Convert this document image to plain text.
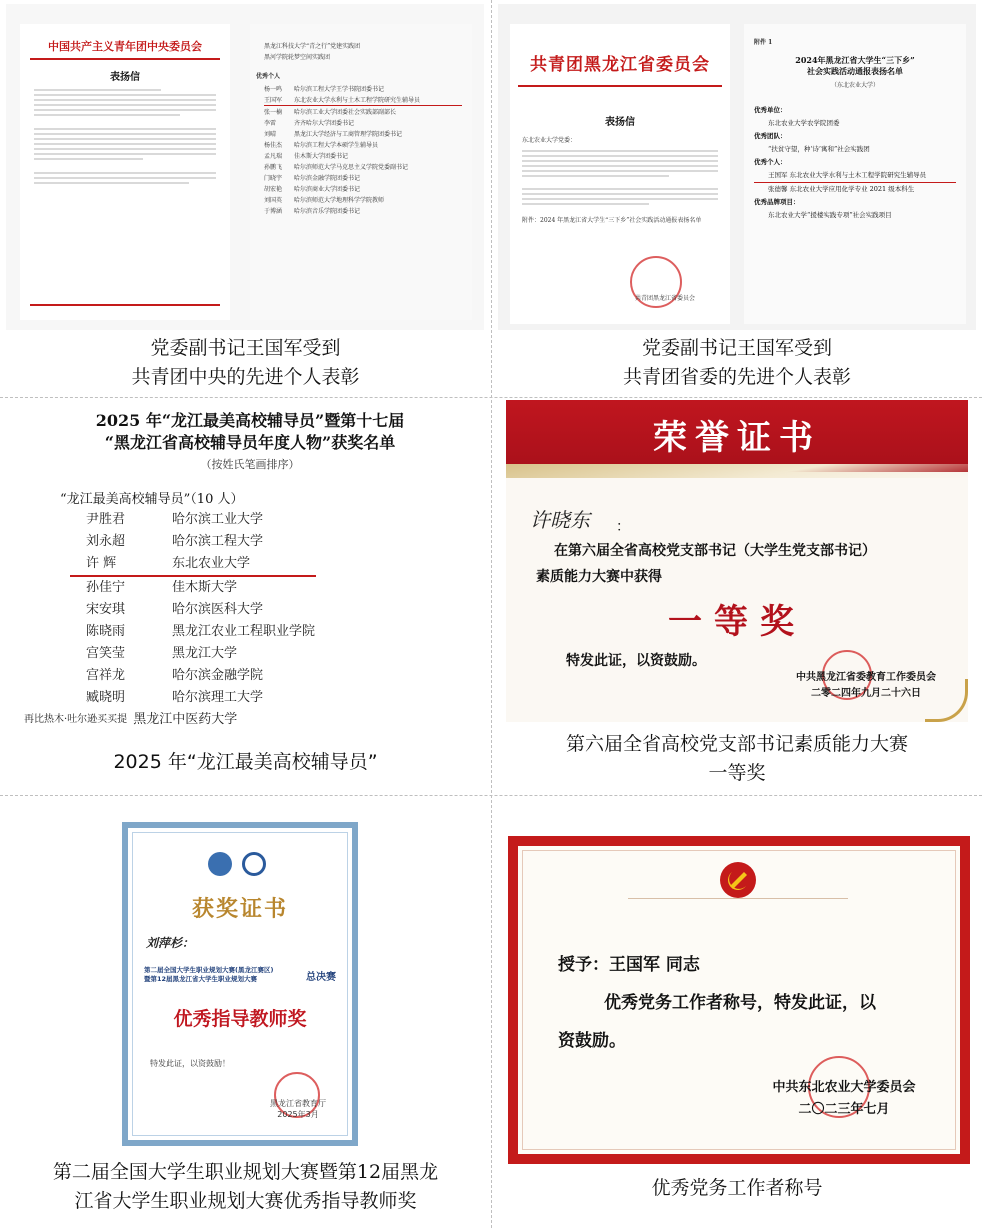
中国共产主义青年团中央委员会
表扬信
黑龙江科技大学“青之行”党建实践团
黑河学院轮梦空间实践团
优秀个人
杨一鸣	哈尔滨工程大学王学书院团委书记
王国军	东北农业大学水利与土木工程学院研究生辅导员
张一楠	哈尔滨工业大学团委社会实践部副部长
李雷	齐齐哈尔大学团委书记
刘晴	黑龙江大学经济与工商管理学院团委书记
杨佳杰	哈尔滨工程大学本硕学生辅导员
孟凡瑞	佳木斯大学团委书记
孙鹏飞	哈尔滨师范大学马克思主义学院党委副书记
门晓宇	哈尔滨金融学院团委书记
胡宏艳	哈尔滨商业大学团委书记
刘国英	哈尔滨师范大学地理科学学院教师
于博涵	哈尔滨音乐学院团委书记
党委副书记王国军受到
共青团中央的先进个人表彰
共青团黑龙江省委员会
表扬信
东北农业大学党委：
附件：2024 年黑龙江省大学生“三下乡”社会实践活动通报表扬名单
共青团黑龙江省委员会
附件 1
2024年黑龙江省大学生“三下乡”
社会实践活动通报表扬名单
（东北农业大学）
优秀单位：
东北农业大学农学院团委
优秀团队：
“扶贫守望，种‘诗’寓和”社会实践团
优秀个人：
王国军 东北农业大学水利与土木工程学院研究生辅导员
张德馨 东北农业大学应用化学专业 2021 级本科生
优秀品牌项目：
东北农业大学“援楼实践专项”社会实践项目
党委副书记王国军受到
共青团省委的先进个人表彰
2025 年“龙江最美高校辅导员”暨第十七届
“黑龙江省高校辅导员年度人物”获奖名单
（按姓氏笔画排序）
“龙江最美高校辅导员”（10 人）
尹胜君	哈尔滨工业大学
刘永超	哈尔滨工程大学
许 辉	东北农业大学
孙佳宁	佳木斯大学
宋安琪	哈尔滨医科大学
陈晓雨	黑龙江农业工程职业学院
宫笑莹	黑龙江大学
宫祥龙	哈尔滨金融学院
臧晓明	哈尔滨理工大学
再比热木·吐尔逊买买提 黑龙江中医药大学
2025 年“龙江最美高校辅导员”
荣誉证书
许晓东 ：
在第六届全省高校党支部书记（大学生党支部书记）
素质能力大赛中获得
一等奖
特发此证，以资鼓励。
中共黑龙江省委教育工作委员会
二零二四年九月二十六日
第六届全省高校党支部书记素质能力大赛
一等奖
获奖证书
刘萍杉：
第二届全国大学生职业规划大赛(黑龙江赛区)
暨第12届黑龙江省大学生职业规划大赛	总决赛
优秀指导教师奖
特发此证，以资鼓励！
黑龙江省教育厅
2025年3月
第二届全国大学生职业规划大赛暨第12届黑龙
江省大学生职业规划大赛优秀指导教师奖
授予：王国军 同志
优秀党务工作者称号，特发此证，以
资鼓励。
中共东北农业大学委员会
二〇二三年七月
优秀党务工作者称号
